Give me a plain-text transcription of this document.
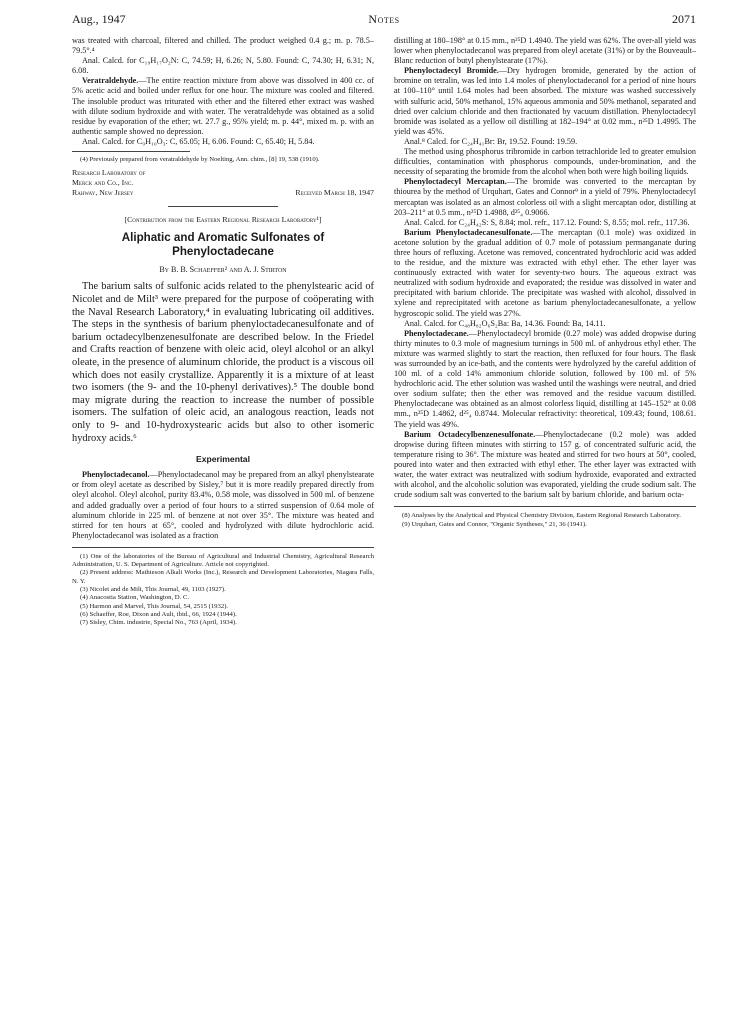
Aug., 1947	Notes	2071

was treated with charcoal, filtered and chilled. The product weighed 0.4 g.; m. p. 78.5–79.5°.⁴

Anal. Calcd. for C₁₉H₁₇O₂N: C, 74.59; H, 6.26; N, 5.80. Found: C, 74.30; H, 6.31; N, 6.08.

Veratraldehyde.—The entire reaction mixture from above was dissolved in 400 cc. of 5% acetic acid and boiled under reflux for one hour. The mixture was cooled and filtered. The insoluble product was triturated with ether and the filtered ether extract was washed with dilute sodium hydroxide and with water. The veratraldehyde was obtained as a solid residue by evaporation of the ether; wt. 27.7 g., 95% yield; m. p. 44°, mixed m. p. with an authentic sample showed no depression.

Anal. Calcd. for C₉H₁₀O₃: C, 65.05; H, 6.06. Found: C, 65.40; H, 5.84.

(4) Previously prepared from veratraldehyde by Noelting, Ann. chim., [8] 19, 538 (1910).

Research Laboratory of
Merck and Co., Inc.
Rahway, New Jersey	Received March 18, 1947
[Contribution from the Eastern Regional Research Laboratory¹]
Aliphatic and Aromatic Sulfonates of Phenyloctadecane
By B. B. Schaeffer² and A. J. Stirton

The barium salts of sulfonic acids related to the phenylstearic acid of Nicolet and de Milt³ were prepared for the purpose of coöperating with the Naval Research Laboratory,⁴ in evaluating lubricating oil additives. The steps in the synthesis of barium phenyloctadecanesulfonate and of barium octadecylbenzenesulfonate are described below. In the Friedel and Crafts reaction of benzene with oleic acid, oleyl alcohol or an alkyl oleate, in the presence of aluminum chloride, the product is a viscous oil which does not easily crystallize. Apparently it is a mixture of at least two isomers (the 9- and the 10-phenyl derivatives).⁵ The double bond may migrate during the reaction to increase the number of possible isomers. The sulfation of oleic acid, an analogous reaction, leads not only to 9- and 10-hydroxystearic acids but also to other isomeric hydroxy acids.⁶

Experimental

Phenyloctadecanol.—Phenyloctadecanol may be prepared from an alkyl phenylstearate or from oleyl acetate as described by Sisley,⁷ but it is more readily prepared directly from oleyl alcohol. Oleyl alcohol, purity 83.4%, 0.58 mole, was dissolved in 500 ml. of benzene and added gradually over a period of four hours to a stirred suspension of 0.64 mole of aluminum chloride in 225 ml. of benzene at not over 35°. The mixture was heated and stirred for ten hours at 65°, cooled and hydrolyzed with dilute hydrochloric acid. Phenyloctadecanol was isolated as a fraction

(1) One of the laboratories of the Bureau of Agricultural and Industrial Chemistry, Agricultural Research Administration, U. S. Department of Agriculture. Article not copyrighted.

(2) Present address: Mathieson Alkali Works (Inc.), Research and Development Laboratories, Niagara Falls, N. Y.

(3) Nicolet and de Milt, This Journal, 49, 1103 (1927).

(4) Anacostia Station, Washington, D. C.

(5) Harmon and Marvel, This Journal, 54, 2515 (1932).

(6) Schaeffer, Roe, Dixon and Ault, ibid., 66, 1924 (1944).

(7) Sisley, Chim. industrie, Special No., 763 (April, 1934).

distilling at 180–198° at 0.15 mm., n²⁵D 1.4940. The yield was 62%. The over-all yield was lower when phenyloctadecanol was prepared from oleyl acetate (31%) or by the Bouveault–Blanc reduction of butyl phenylstearate (17%).

Phenyloctadecyl Bromide.—Dry hydrogen bromide, generated by the action of bromine on tetralin, was led into 1.4 moles of phenyloctadecanol for a period of nine hours at 100–110° until 1.64 moles had been absorbed. The mixture was washed successively with sulfuric acid, 50% methanol, 15% aqueous ammonia and 50% methanol, separated and dried over calcium chloride and then fractionated by vacuum distillation. Phenyloctadecyl bromide was isolated as a yellow oil distilling at 182–194° at 0.02 mm., n²⁵D 1.4995. The yield was 45%.

Anal.⁸ Calcd. for C₂₄H₄₁Br: Br, 19.52. Found: 19.59.

The method using phosphorus tribromide in carbon tetrachloride led to greater emulsion difficulties, contamination with phosphorus compounds, under-bromination, and the necessity of separating the bromide from the alcohol when both were high boiling liquids.

Phenyloctadecyl Mercaptan.—The bromide was converted to the mercaptan by thiourea by the method of Urquhart, Gates and Connor⁹ in a yield of 79%. Phenyloctadecyl mercaptan was isolated as an almost colorless oil with a slight mercaptan odor, distilling at 203–211° at 0.5 mm., n²⁵D 1.4988, d²⁵₄ 0.9066.

Anal. Calcd. for C₂₄H₄₂S: S, 8.84; mol. refr., 117.12. Found: S, 8.55; mol. refr., 117.36.

Barium Phenyloctadecanesulfonate.—The mercaptan (0.1 mole) was oxidized in acetone solution by the gradual addition of 0.7 mole of potassium permanganate during three hours of refluxing. Acetone was removed, concentrated hydrochloric acid was added to the residue, and the mixture was extracted with ethyl ether. The ether layer was continuously extracted with water for seventy-two hours. The aqueous extract was neutralized with sodium hydroxide and evaporated; the residue was dissolved in water and precipitated with barium chloride. The precipitate was washed with alcohol, dissolved in xylene and reprecipitated with acetone as barium phenyloctadecanesulfonate, a yellow hygroscopic solid. The yield was 27%.

Anal. Calcd. for C₄₈H₈₂O₆S₂Ba: Ba, 14.36. Found: Ba, 14.11.

Phenyloctadecane.—Phenyloctadecyl bromide (0.27 mole) was added dropwise during thirty minutes to 0.3 mole of magnesium turnings in 500 ml. of anhydrous ethyl ether. The mixture was warmed slightly to start the reaction, then refluxed for four hours. The flask was surrounded by an ice-bath, and the contents were hydrolyzed by the careful addition of 100 ml. of a cold 14% ammonium chloride solution, followed by 100 ml. of 5% hydrochloric acid. The ether solution was washed until the washings were neutral, and dried over sodium sulfate; then the ether was removed and the residue vacuum distilled. Phenyloctadecane was obtained as an almost colorless liquid, distilling at 145–152° at 0.08 mm., n²⁵D 1.4862, d²⁵₄ 0.8744. Molecular refractivity: theoretical, 109.43; found, 108.61. The yield was 49%.

Barium Octadecylbenzenesulfonate.—Phenyloctadecane (0.2 mole) was added dropwise during fifteen minutes with stirring to 157 g. of concentrated sulfuric acid, the temperature rising to 36°. The mixture was heated and stirred for two hours at 50°, cooled, poured into water and then extracted with ethyl ether. The ether layer was extracted with water, the water extract was neutralized with sodium hydroxide, evaporated and extracted with alcohol, and the alcoholic solution was evaporated, yielding the crude sodium salt. The crude sodium salt was converted to the barium salt by barium chloride, and barium octa-

(8) Analyses by the Analytical and Physical Chemistry Division, Eastern Regional Research Laboratory.

(9) Urquhart, Gates and Connor, "Organic Syntheses," 21, 36 (1941).
